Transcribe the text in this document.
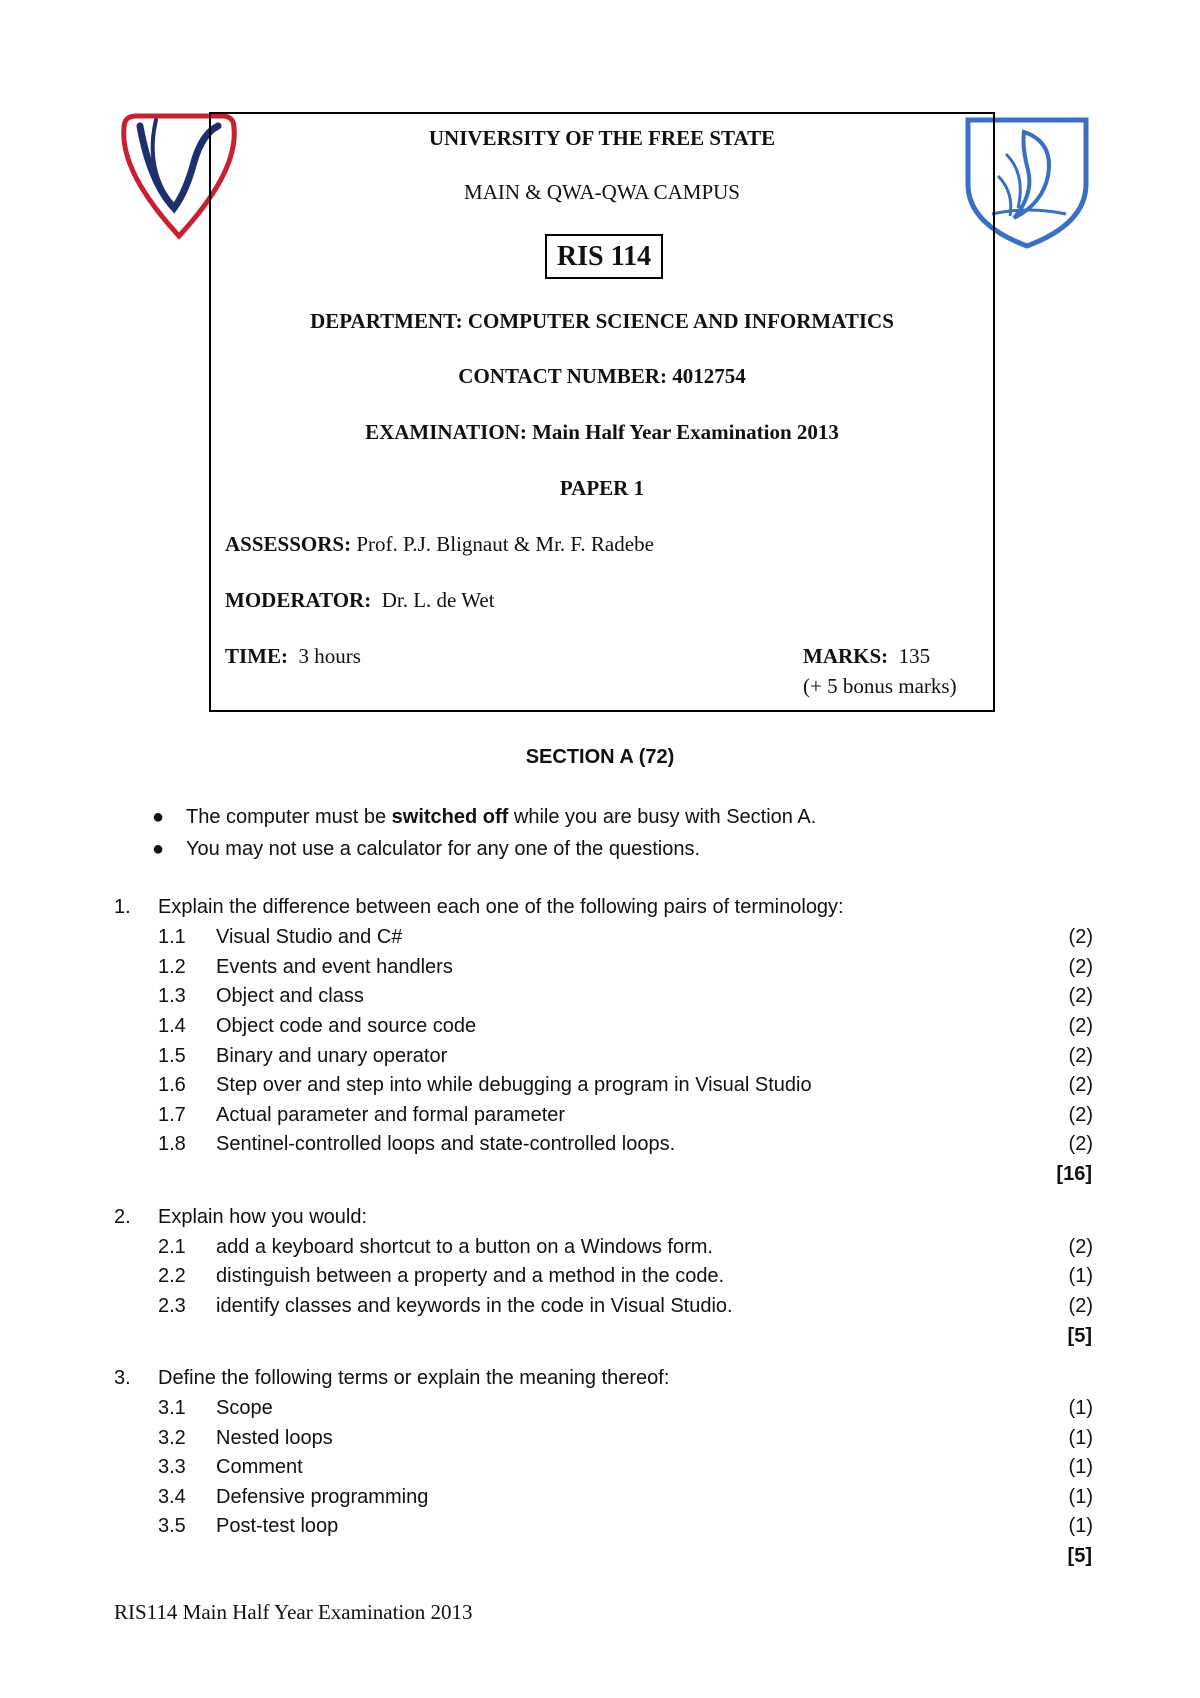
UNIVERSITY OF THE FREE STATE
MAIN & QWA-QWA CAMPUS
RIS 114
DEPARTMENT: COMPUTER SCIENCE AND INFORMATICS
CONTACT NUMBER: 4012754
EXAMINATION: Main Half Year Examination 2013
PAPER 1
ASSESSORS: Prof. P.J. Blignaut & Mr. F. Radebe
MODERATOR: Dr. L. de Wet
TIME: 3 hours	MARKS: 135
(+ 5 bonus marks)
SECTION A (72)
● The computer must be switched off while you are busy with Section A.
● You may not use a calculator for any one of the questions.
1. Explain the difference between each one of the following pairs of terminology:
1.1 Visual Studio and C#	(2)
1.2 Events and event handlers	(2)
1.3 Object and class	(2)
1.4 Object code and source code	(2)
1.5 Binary and unary operator	(2)
1.6 Step over and step into while debugging a program in Visual Studio	(2)
1.7 Actual parameter and formal parameter	(2)
1.8 Sentinel-controlled loops and state-controlled loops.	(2)
[16]
2. Explain how you would:
2.1 add a keyboard shortcut to a button on a Windows form.	(2)
2.2 distinguish between a property and a method in the code.	(1)
2.3 identify classes and keywords in the code in Visual Studio.	(2)
[5]
3. Define the following terms or explain the meaning thereof:
3.1 Scope	(1)
3.2 Nested loops	(1)
3.3 Comment	(1)
3.4 Defensive programming	(1)
3.5 Post-test loop	(1)
[5]
RIS114 Main Half Year Examination 2013
